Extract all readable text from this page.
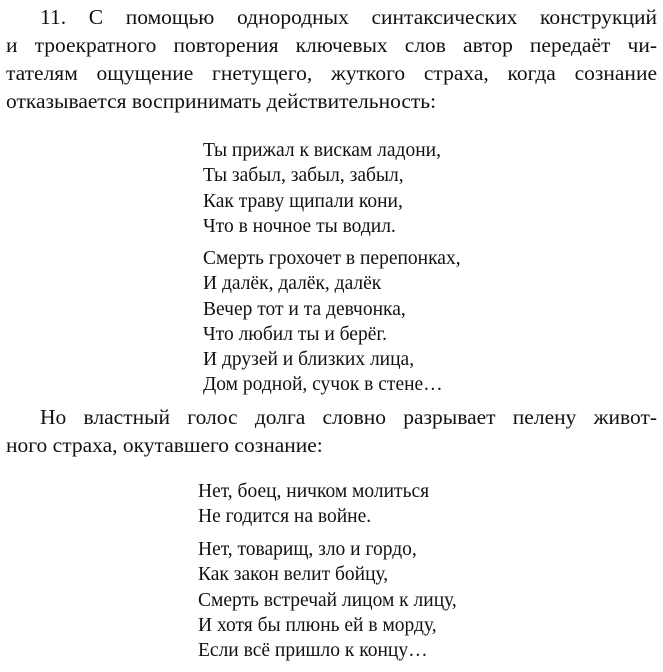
11. С помощью однородных синтаксических конструкций
и троекратного повторения ключевых слов автор передаёт чи-
тателям ощущение гнетущего, жуткого страха, когда сознание
отказывается воспринимать действительность:
Ты прижал к вискам ладони,
Ты забыл, забыл, забыл,
Как траву щипали кони,
Что в ночное ты водил.
Смерть грохочет в перепонках,
И далёк, далёк, далёк
Вечер тот и та девчонка,
Что любил ты и берёг.
И друзей и близких лица,
Дом родной, сучок в стене…
Но властный голос долга словно разрывает пелену живот-
ного страха, окутавшего сознание:
Нет, боец, ничком молиться
Не годится на войне.
Нет, товарищ, зло и гордо,
Как закон велит бойцу,
Смерть встречай лицом к лицу,
И хотя бы плюнь ей в морду,
Если всё пришло к концу…
